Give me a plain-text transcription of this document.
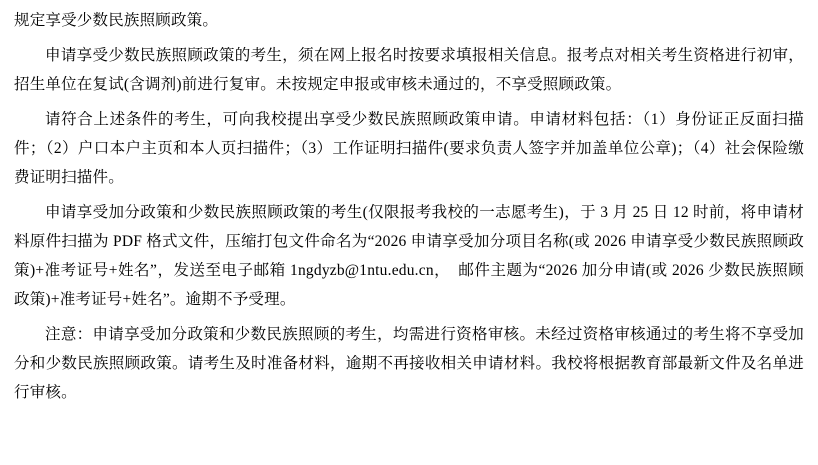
规定享受少数民族照顾政策。

申请享受少数民族照顾政策的考生，须在网上报名时按要求填报相关信息。报考点对相关考生资格进行初审，招生单位在复试(含调剂)前进行复审。未按规定申报或审核未通过的，不享受照顾政策。

请符合上述条件的考生，可向我校提出享受少数民族照顾政策申请。申请材料包括：（1）身份证正反面扫描件；（2）户口本户主页和本人页扫描件；（3）工作证明扫描件(要求负责人签字并加盖单位公章)；（4）社会保险缴费证明扫描件。

申请享受加分政策和少数民族照顾政策的考生(仅限报考我校的一志愿考生)，于 3 月 25 日 12 时前，将申请材料原件扫描为 PDF 格式文件，压缩打包文件命名为“2026 申请享受加分项目名称(或 2026 申请享受少数民族照顾政策)+准考证号+姓名”，发送至电子邮箱 1ngdyzb@1ntu.edu.cn，　邮件主题为“2026 加分申请(或 2026 少数民族照顾政策)+准考证号+姓名”。逾期不予受理。

注意：申请享受加分政策和少数民族照顾的考生，均需进行资格审核。未经过资格审核通过的考生将不享受加分和少数民族照顾政策。请考生及时准备材料，逾期不再接收相关申请材料。我校将根据教育部最新文件及名单进行审核。
